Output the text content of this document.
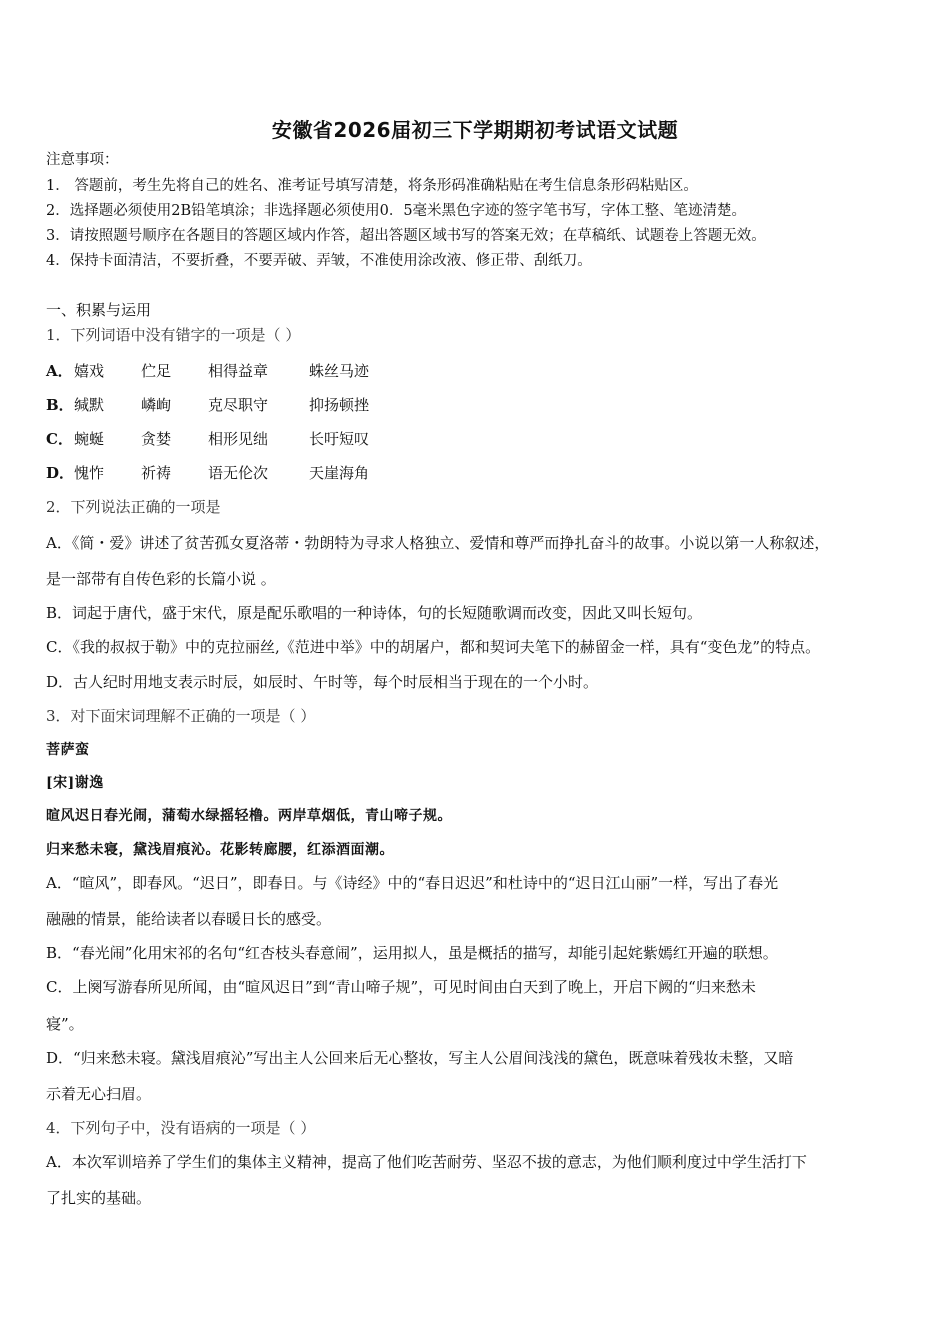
安徽省2026届初三下学期期初考试语文试题
注意事项：
1． 答题前，考生先将自己的姓名、准考证号填写清楚，将条形码准确粘贴在考生信息条形码粘贴区。
2．选择题必须使用2B铅笔填涂；非选择题必须使用0．5毫米黑色字迹的签字笔书写，字体工整、笔迹清楚。
3．请按照题号顺序在各题目的答题区域内作答，超出答题区域书写的答案无效；在草稿纸、试题卷上答题无效。
4．保持卡面清洁，不要折叠，不要弄破、弄皱，不准使用涂改液、修正带、刮纸刀。
一、积累与运用
1．下列词语中没有错字的一项是（ ）
A． 嬉戏	伫足	相得益章	蛛丝马迹
B． 缄默	嶙峋	克尽职守	抑扬顿挫
C． 蜿蜒	贪婪	相形见绌	长吁短叹
D． 愧怍	祈祷	语无伦次	天崖海角
2．下列说法正确的一项是
A．《简・爱》讲述了贫苦孤女夏洛蒂・勃朗特为寻求人格独立、爱情和尊严而挣扎奋斗的故事。小说以第一人称叙述，
是一部带有自传色彩的长篇小说 。
B．词起于唐代，盛于宋代，原是配乐歌唱的一种诗体，句的长短随歌调而改变，因此又叫长短句。
C．《我的叔叔于勒》中的克拉丽丝,《范进中举》中的胡屠户，都和契诃夫笔下的赫留金一样，具有“变色龙”的特点。
D．古人纪时用地支表示时辰，如辰时、午时等，每个时辰相当于现在的一个小时。
3．对下面宋词理解不正确的一项是（ ）
菩萨蛮
[宋]谢逸
暄风迟日春光闹，蒲萄水绿摇轻橹。两岸草烟低，青山啼子规。
归来愁未寝，黛浅眉痕沁。花影转廊腰，红添酒面潮。
A．“暄风”，即春风。“迟日”，即春日。与《诗经》中的“春日迟迟”和杜诗中的“迟日江山丽”一样，写出了春光
融融的情景，能给读者以春暖日长的感受。
B．“春光闹”化用宋祁的名句“红杏枝头春意闹”，运用拟人，虽是概括的描写，却能引起姹紫嫣红开遍的联想。
C．上阕写游春所见所闻，由“暄风迟日”到“青山啼子规”，可见时间由白天到了晚上，开启下阙的“归来愁未
寝”。
D．“归来愁未寝。黛浅眉痕沁”写出主人公回来后无心整妆，写主人公眉间浅浅的黛色，既意味着残妆未整，又暗
示着无心扫眉。
4．下列句子中，没有语病的一项是（ ）
A．本次军训培养了学生们的集体主义精神，提高了他们吃苦耐劳、坚忍不拔的意志，为他们顺利度过中学生活打下
了扎实的基础。
